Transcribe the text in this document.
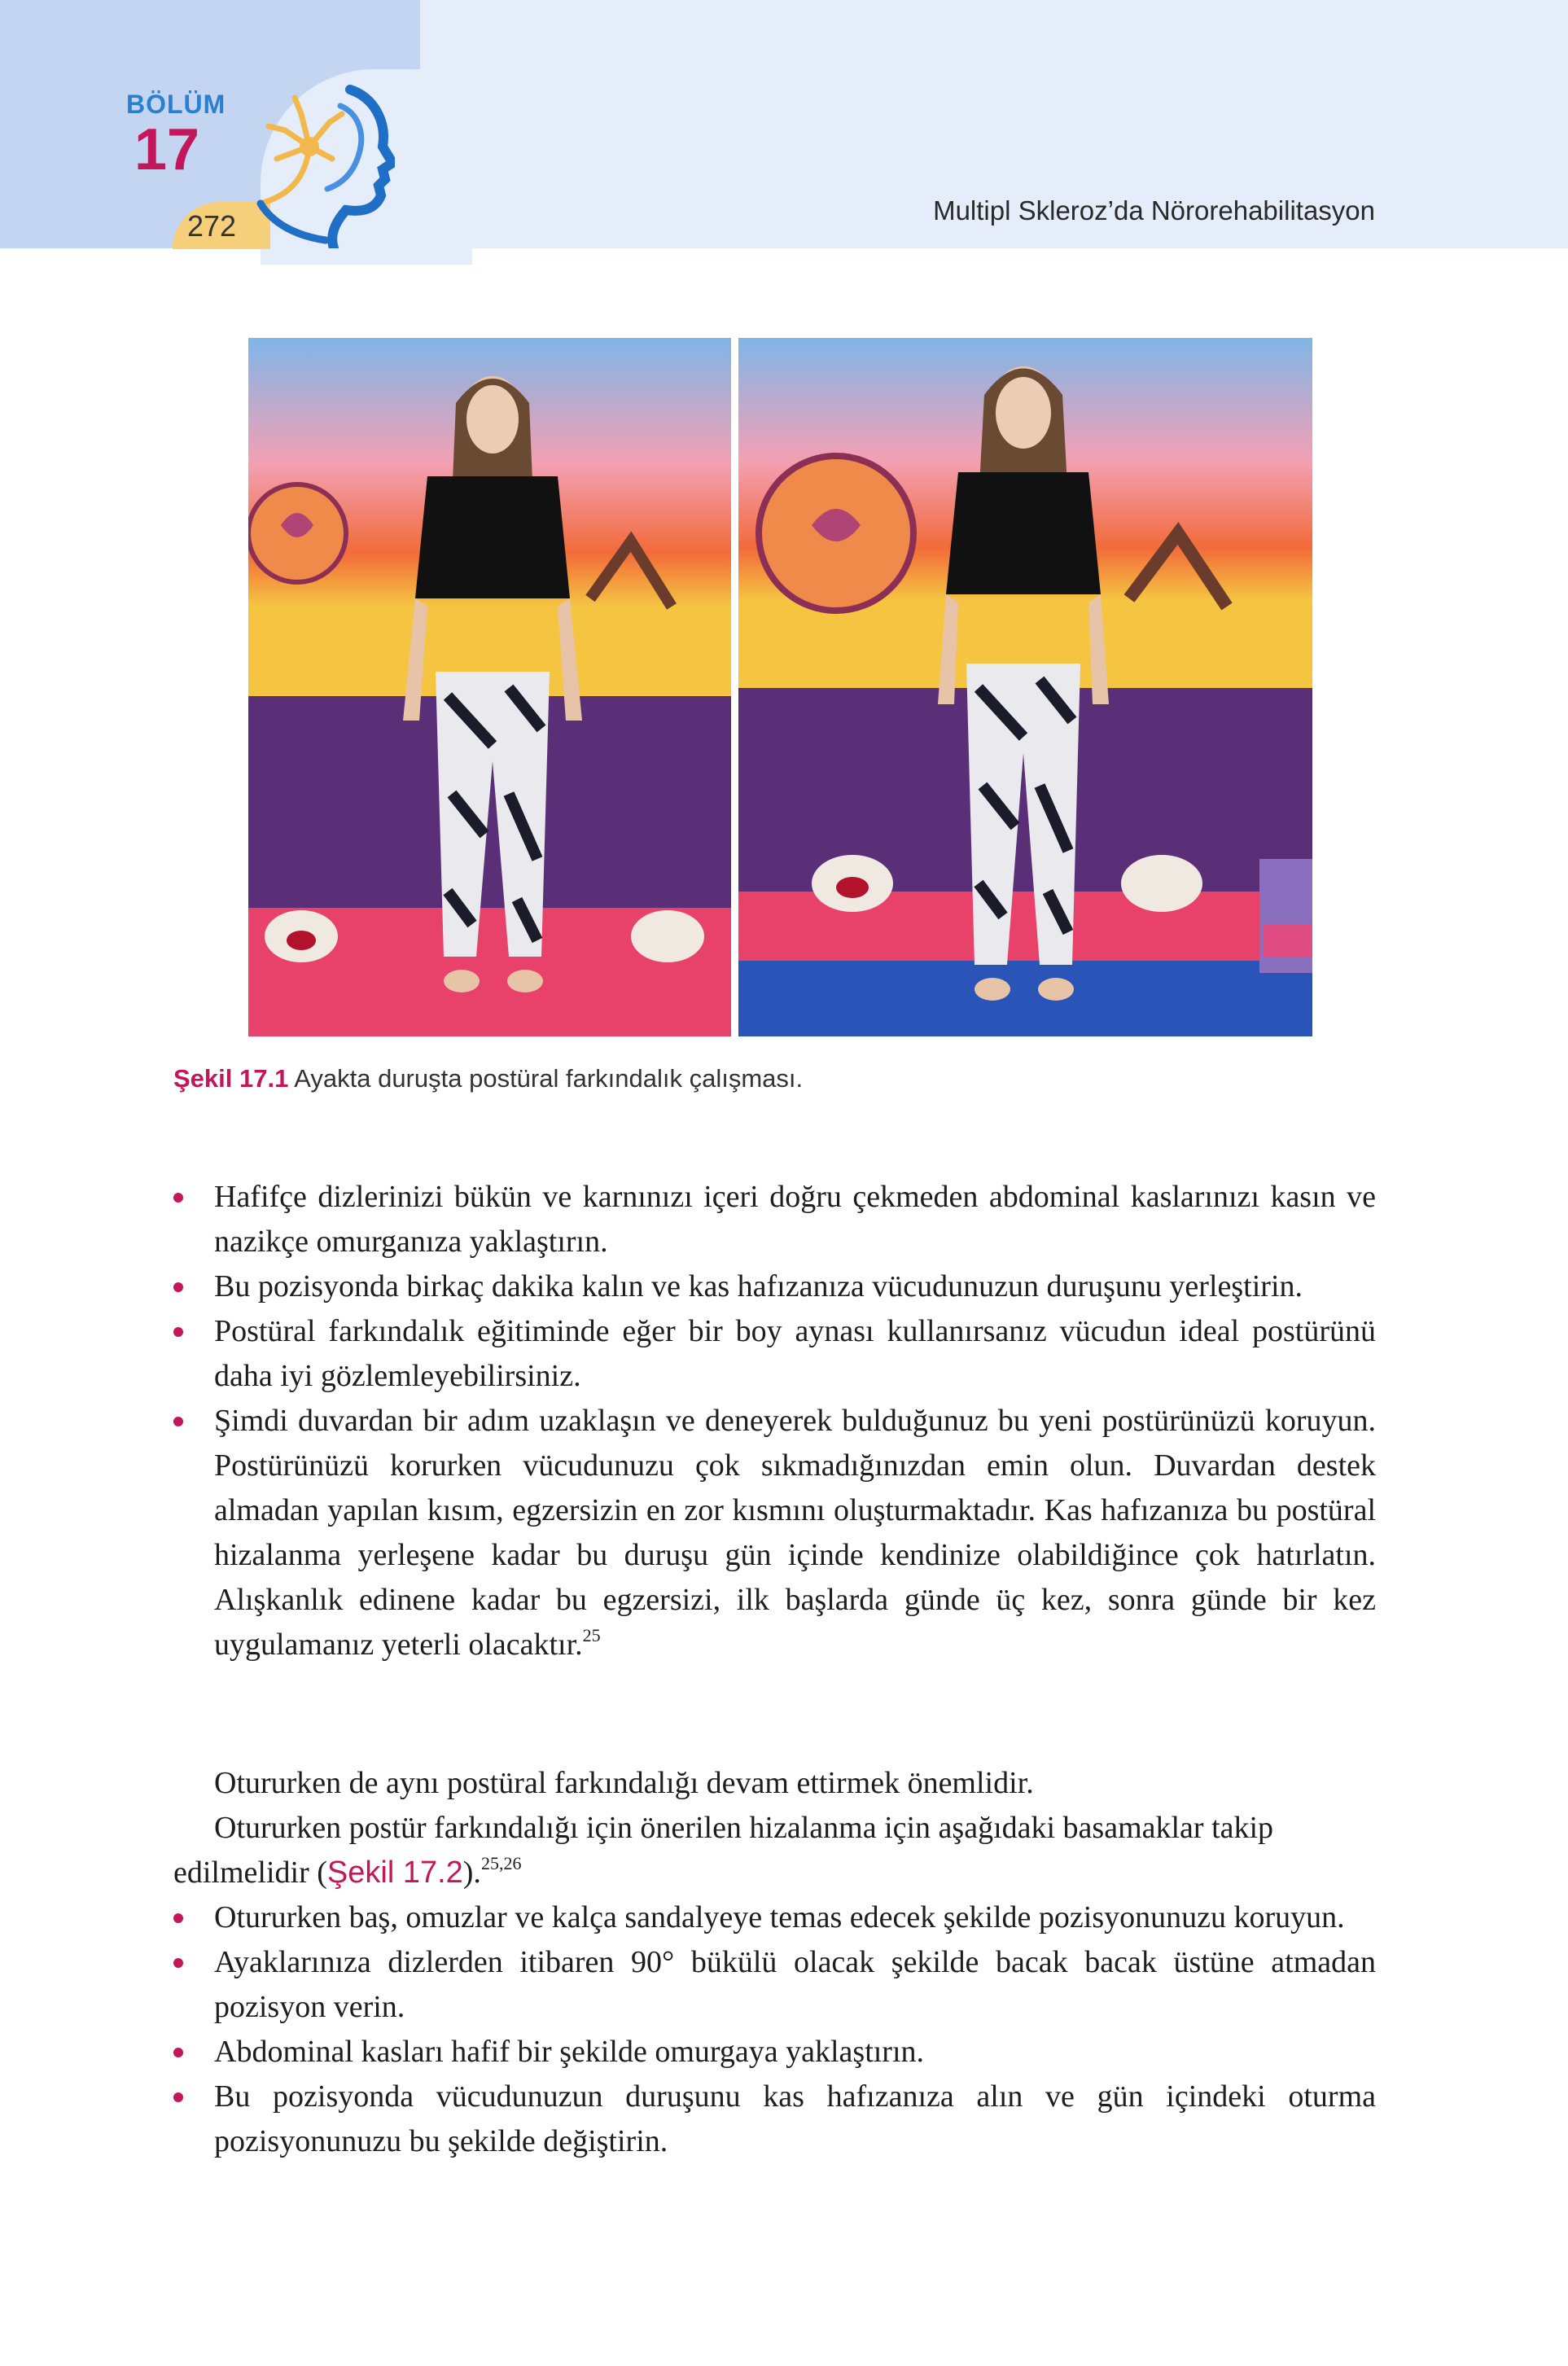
BÖLÜM
17
272	Multipl Skleroz’da Nörorehabilitasyon
Şekil 17.1 Ayakta duruşta postüral farkındalık çalışması.
Hafifçe dizlerinizi bükün ve karnınızı içeri doğru çekmeden abdominal kaslarınızı kasın ve nazikçe omurganıza yaklaştırın.
Bu pozisyonda birkaç dakika kalın ve kas hafızanıza vücudunuzun duruşunu yerleştirin.
Postüral farkındalık eğitiminde eğer bir boy aynası kullanırsanız vücudun ideal postürünü daha iyi gözlemleyebilirsiniz.
Şimdi duvardan bir adım uzaklaşın ve deneyerek bulduğunuz bu yeni postürünüzü koruyun. Postürünüzü korurken vücudunuzu çok sıkmadığınızdan emin olun. Duvardan destek almadan yapılan kısım, egzersizin en zor kısmını oluşturmaktadır. Kas hafızanıza bu postüral hizalanma yerleşene kadar bu duruşu gün içinde kendinize olabildiğince çok hatırlatın. Alışkanlık edinene kadar bu egzersizi, ilk başlarda günde üç kez, sonra günde bir kez uygulamanız yeterli olacaktır.$^{25}$

Otururken de aynı postüral farkındalığı devam ettirmek önemlidir.

Otururken postür farkındalığı için önerilen hizalanma için aşağıdaki basamaklar takip edilmelidir (Şekil 17.2).$^{25,26}$

Otururken baş, omuzlar ve kalça sandalyeye temas edecek şekilde pozisyonunuzu koruyun.
Ayaklarınıza dizlerden itibaren 90° bükülü olacak şekilde bacak bacak üstüne atmadan pozisyon verin.
Abdominal kasları hafif bir şekilde omurgaya yaklaştırın.
Bu pozisyonda vücudunuzun duruşunu kas hafızanıza alın ve gün içindeki oturma pozisyonunuzu bu şekilde değiştirin.
